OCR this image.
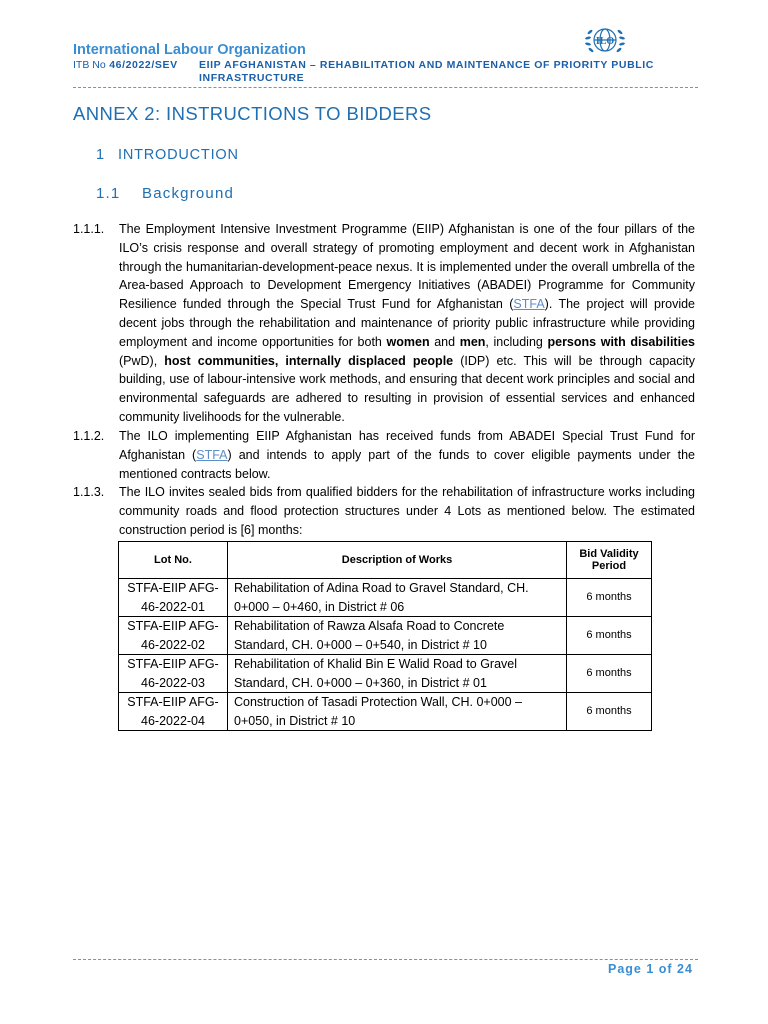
International Labour Organization
ITB No 46/2022/SEV EIIP AFGHANISTAN – REHABILITATION AND MAINTENANCE OF PRIORITY PUBLIC
INFRASTRUCTURE
ILO
ANNEX 2: INSTRUCTIONS TO BIDDERS
1 INTRODUCTION
1.1 Background
1.1.1. The Employment Intensive Investment Programme (EIIP) Afghanistan is one of the four pillars of the ILO’s crisis response and overall strategy of promoting employment and decent work in Afghanistan through the humanitarian-development-peace nexus. It is implemented under the overall umbrella of the Area-based Approach to Development Emergency Initiatives (ABADEI) Programme for Community Resilience funded through the Special Trust Fund for Afghanistan (STFA). The project will provide decent jobs through the rehabilitation and maintenance of priority public infrastructure while providing employment and income opportunities for both women and men, including persons with disabilities (PwD), host communities, internally displaced people (IDP) etc. This will be through capacity building, use of labour-intensive work methods, and ensuring that decent work principles and social and environmental safeguards are adhered to resulting in provision of essential services and enhanced community livelihoods for the vulnerable.
1.1.2. The ILO implementing EIIP Afghanistan has received funds from ABADEI Special Trust Fund for Afghanistan (STFA) and intends to apply part of the funds to cover eligible payments under the mentioned contracts below.
1.1.3. The ILO invites sealed bids from qualified bidders for the rehabilitation of infrastructure works including community roads and flood protection structures under 4 Lots as mentioned below. The estimated construction period is [6] months:
Lot No.	Description of Works	Bid Validity Period
STFA-EIIP AFG-46-2022-01	Rehabilitation of Adina Road to Gravel Standard, CH. 0+000 – 0+460, in District # 06	6 months
STFA-EIIP AFG-46-2022-02	Rehabilitation of Rawza Alsafa Road to Concrete Standard, CH. 0+000 – 0+540, in District # 10	6 months
STFA-EIIP AFG-46-2022-03	Rehabilitation of Khalid Bin E Walid Road to Gravel Standard, CH. 0+000 – 0+360, in District # 01	6 months
STFA-EIIP AFG-46-2022-04	Construction of Tasadi Protection Wall, CH. 0+000 – 0+050, in District # 10	6 months
Page 1 of 24
